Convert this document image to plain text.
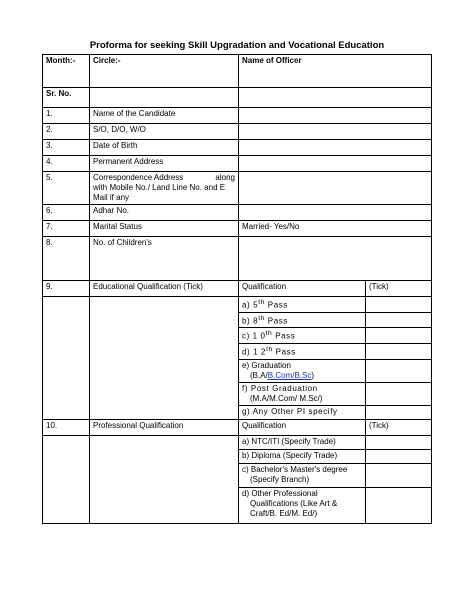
Proforma for seeking Skill Upgradation and Vocational Education
Month:-	Circle:-	Name of Officer	
Sr. No.			
1.	Name of the Candidate		
2.	S/O, D/O, W/O		
3.	Date of Birth		
4.	Permanent Address		
5.	Correspondence Address along
with Mobile No./ Land Line No. and E Mail if any		

6.	Adhar No.		
7.	Marital Status	Married- Yes/No	
8.	No. of Children's		
9.	Educational Qualification (Tick)	Qualification	(Tick)
		a) 5th Pass	
		b) 8th Pass	
		c) 1 0th Pass	
		d) 1 2th Pass	

		e) Graduation
(B.A/B.Com/B.Sc)	

		f) Post Graduation
(M.A/M.Com/ M.Sc/)	
		g) Any Other PI specify	
10.	Professional Qualification	Qualification	(Tick)
		a) NTC/ITI (Specify Trade)	
		b) Diploma (Specify Trade)	

		c) Bachelor's Master's degree
(Specify Branch)	

		d) Other Professional
Qualifications (Like Art & Craft/B. Ed/M. Ed/)	
